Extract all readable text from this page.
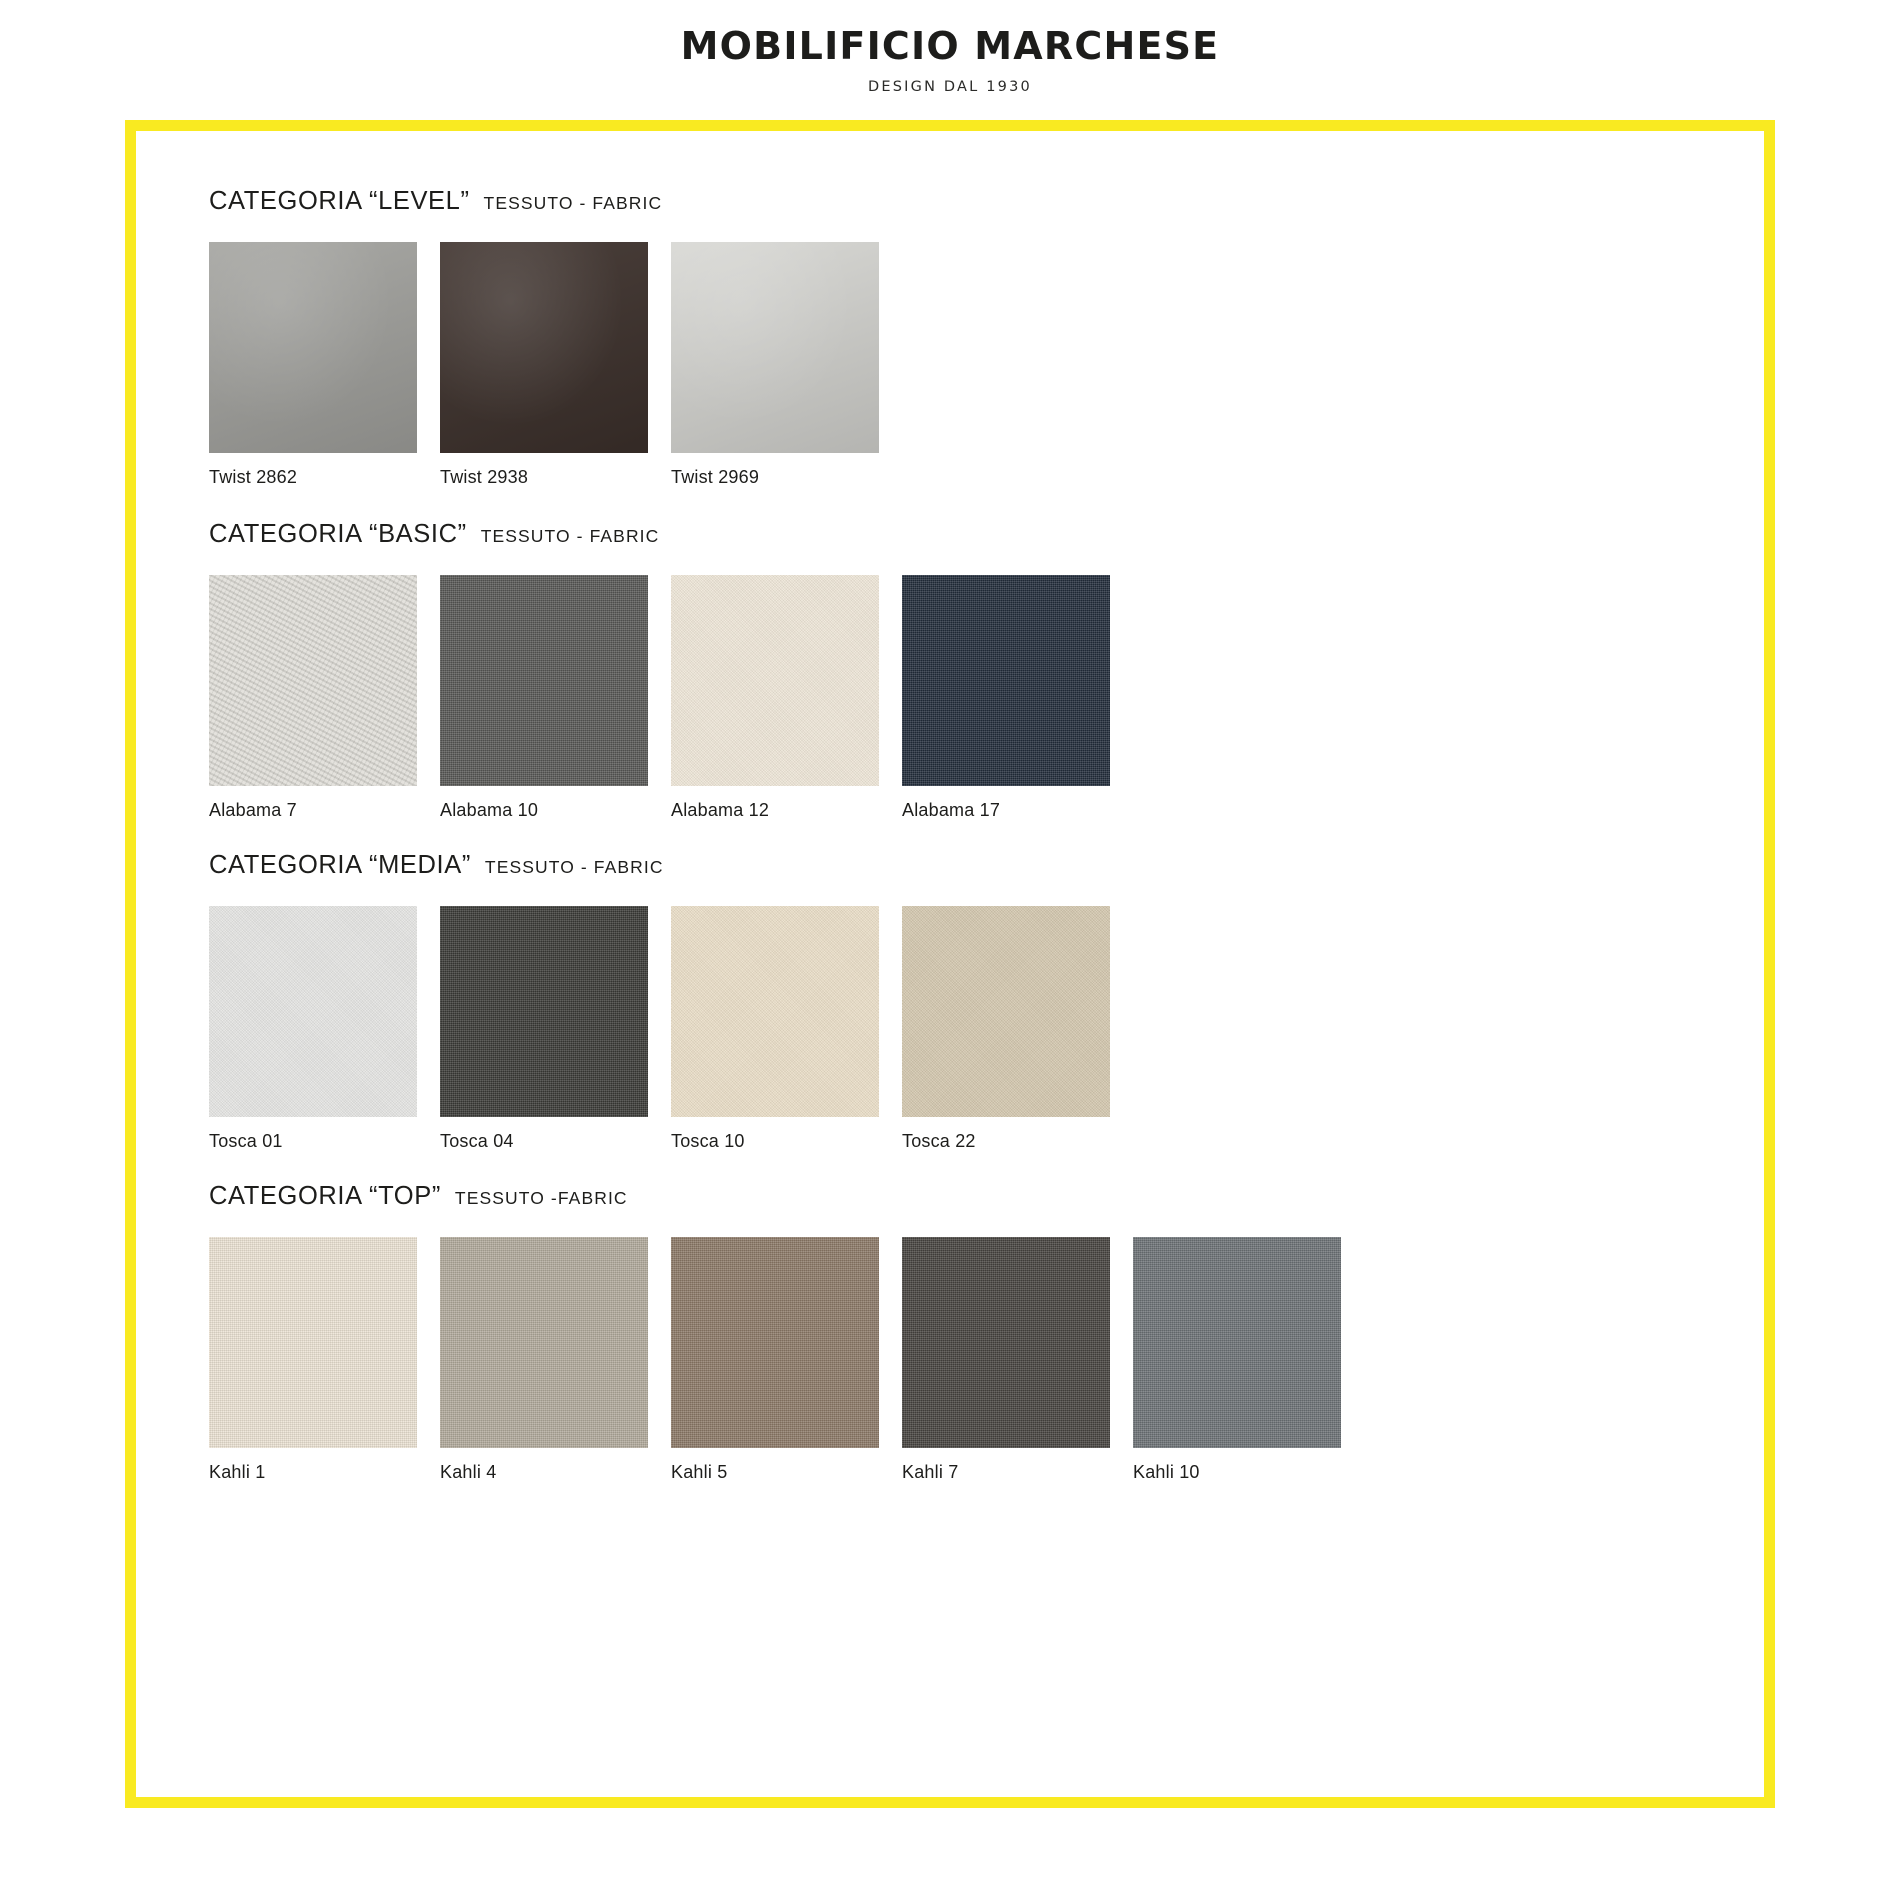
MOBILIFICIO MARCHESE
DESIGN DAL 1930
CATEGORIA “LEVEL” TESSUTO - FABRIC
Twist 2862	Twist 2938	Twist 2969
CATEGORIA “BASIC” TESSUTO - FABRIC
Alabama 7	Alabama 10	Alabama 12	Alabama 17
CATEGORIA “MEDIA” TESSUTO - FABRIC
Tosca 01	Tosca 04	Tosca 10	Tosca 22
CATEGORIA “TOP” TESSUTO -FABRIC
Kahli 1	Kahli 4	Kahli 5	Kahli 7	Kahli 10
